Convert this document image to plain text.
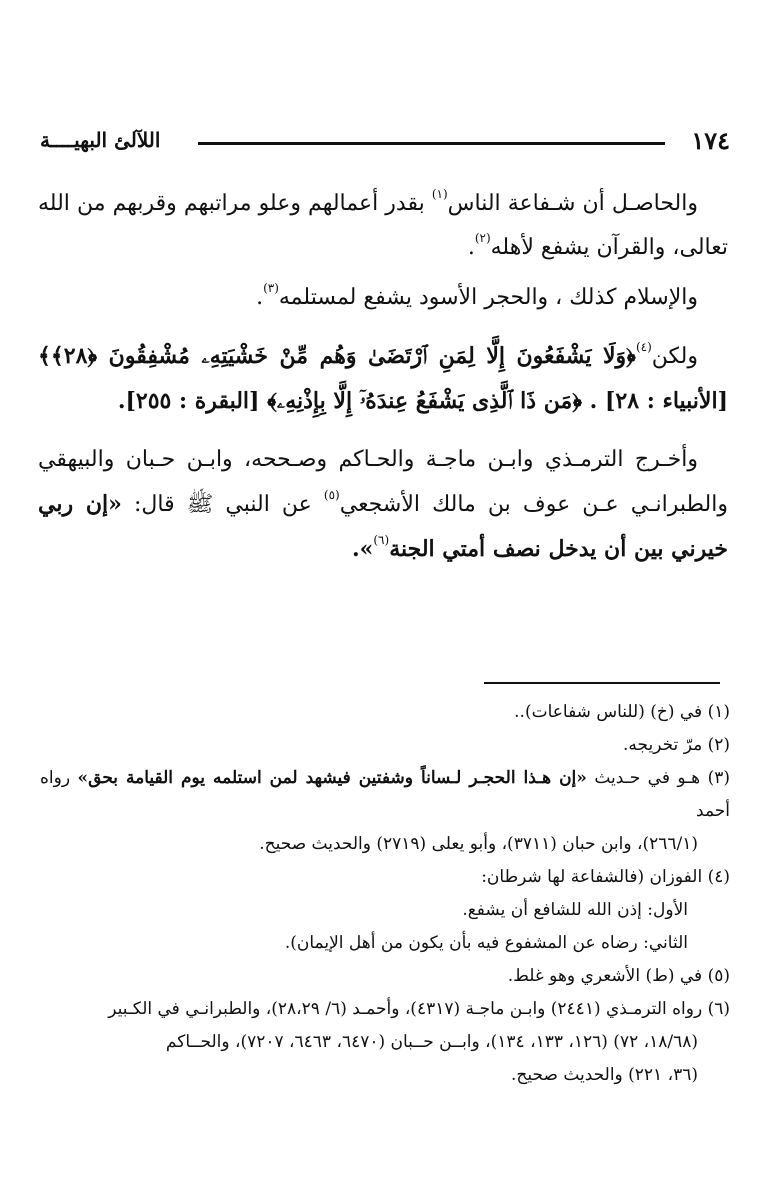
١٧٤
اللآلئ البهيــــة

والحاصـل أن شـفاعة الناس$^{(١)}$ بقدر أعمالهم وعلو مراتبهم وقربهم من الله تعالى، والقرآن يشفع لأهله$^{(٢)}$.

والإسلام كذلك ، والحجر الأسود يشفع لمستلمه$^{(٣)}$.

ولكن$^{(٤)}$﴿وَلَا يَشْفَعُونَ إِلَّا لِمَنِ ٱرْتَضَىٰ وَهُم مِّنْ خَشْيَتِهِۦ مُشْفِقُونَ ﴿٢٨﴾﴾ [الأنبياء : ٢٨] . ﴿مَن ذَا ٱلَّذِى يَشْفَعُ عِندَهُۥٓ إِلَّا بِإِذْنِهِۦ﴾ [البقرة : ٢٥٥].

وأخـرج الترمـذي وابـن ماجـة والحـاكم وصـححه، وابـن حـبان والبيهقي والطبرانـي عـن عوف بن مالك الأشجعي$^{(٥)}$ عن النبي ﷺ قال: «إن ربي خيرني بين أن يدخل نصف أمتي الجنة$^{(٦)}$».

(١) في (خ) (للناس شفاعات)..

(٢) مرّ تخريجه.

(٣) هـو في حـديث «إن هـذا الحجـر لـساناً وشفتين فيشهد لمن استلمه يوم القيامة بحق» رواه أحمد

(٢٦٦/١)، وابن حبان (٣٧١١)، وأبو يعلى (٢٧١٩) والحديث صحيح.

(٤) الفوزان (فالشفاعة لها شرطان:

الأول: إذن الله للشافع أن يشفع.

الثاني: رضاه عن المشفوع فيه بأن يكون من أهل الإيمان).

(٥) في (ط) الأشعري وهو غلط.

(٦) رواه الترمـذي (٢٤٤١) وابـن ماجـة (٤٣١٧)، وأحمـد (٦/ ٢٨،٢٩)، والطبرانـي في الكـبير

(١٨/٦٨، ٧٢) (١٢٦، ١٣٣، ١٣٤)، وابــن حــبان (٦٤٧٠، ٦٤٦٣، ٧٢٠٧)، والحــاكم

(٣٦، ٢٢١) والحديث صحيح.
